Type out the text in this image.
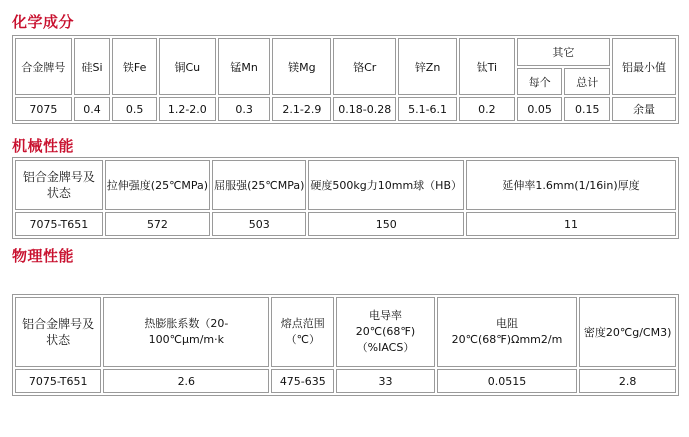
化学成分
合金牌号	硅Si	铁Fe	铜Cu	锰Mn	镁Mg	铬Cr	锌Zn	钛Ti	其它		铝最小值
									每个	总计	
7075	0.4	0.5	1.2-2.0	0.3	2.1-2.9	0.18-0.28	5.1-6.1	0.2	0.05	0.15	余量
机械性能
铝合金牌号及状态	拉伸强度(25℃MPa)	屈服强(25℃MPa)	硬度500kg力10mm球（HB）	延伸率1.6mm(1/16in)厚度
7075-T651	572	503	150	11
物理性能
铝合金牌号及状态	热膨胀系数（20-100℃μm/m·k	熔点范围（℃）	电导率20℃(68℉)（%IACS）	电阻20℃(68℉)Ωmm2/m	密度20℃g/CM3)
7075-T651	2.6	475-635	33	0.0515	2.8
